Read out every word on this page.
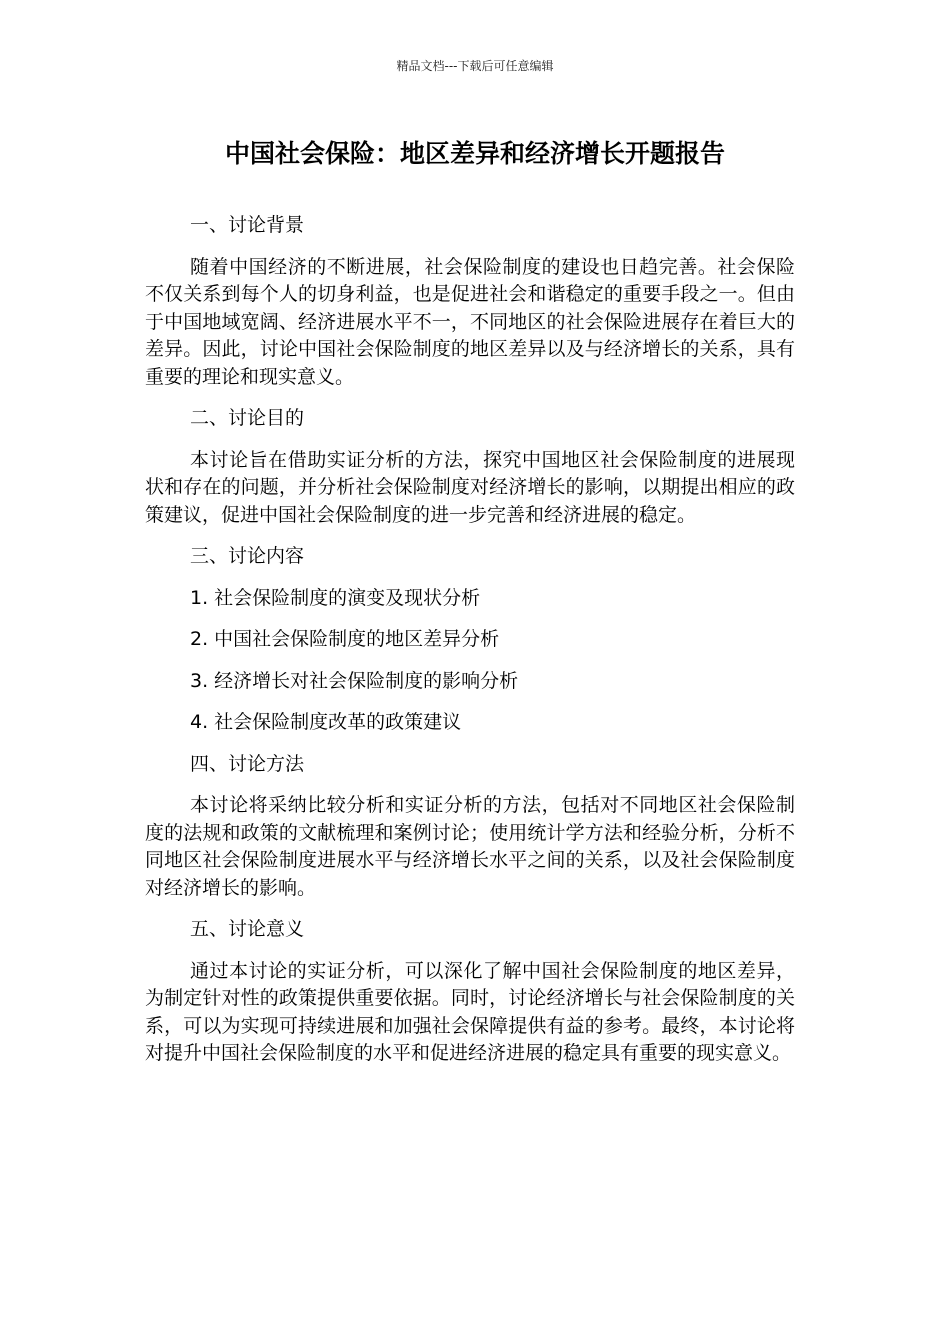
精品文档---下载后可任意编辑
中国社会保险：地区差异和经济增长开题报告
一、讨论背景
随着中国经济的不断进展，社会保险制度的建设也日趋完善。社会保险不仅关系到每个人的切身利益，也是促进社会和谐稳定的重要手段之一。但由于中国地域宽阔、经济进展水平不一，不同地区的社会保险进展存在着巨大的差异。因此，讨论中国社会保险制度的地区差异以及与经济增长的关系，具有重要的理论和现实意义。
二、讨论目的
本讨论旨在借助实证分析的方法，探究中国地区社会保险制度的进展现状和存在的问题，并分析社会保险制度对经济增长的影响，以期提出相应的政策建议，促进中国社会保险制度的进一步完善和经济进展的稳定。
三、讨论内容
1. 社会保险制度的演变及现状分析
2. 中国社会保险制度的地区差异分析
3. 经济增长对社会保险制度的影响分析
4. 社会保险制度改革的政策建议
四、讨论方法
本讨论将采纳比较分析和实证分析的方法，包括对不同地区社会保险制度的法规和政策的文献梳理和案例讨论；使用统计学方法和经验分析，分析不同地区社会保险制度进展水平与经济增长水平之间的关系，以及社会保险制度对经济增长的影响。
五、讨论意义
通过本讨论的实证分析，可以深化了解中国社会保险制度的地区差异，为制定针对性的政策提供重要依据。同时，讨论经济增长与社会保险制度的关系，可以为实现可持续进展和加强社会保障提供有益的参考。最终，本讨论将对提升中国社会保险制度的水平和促进经济进展的稳定具有重要的现实意义。
